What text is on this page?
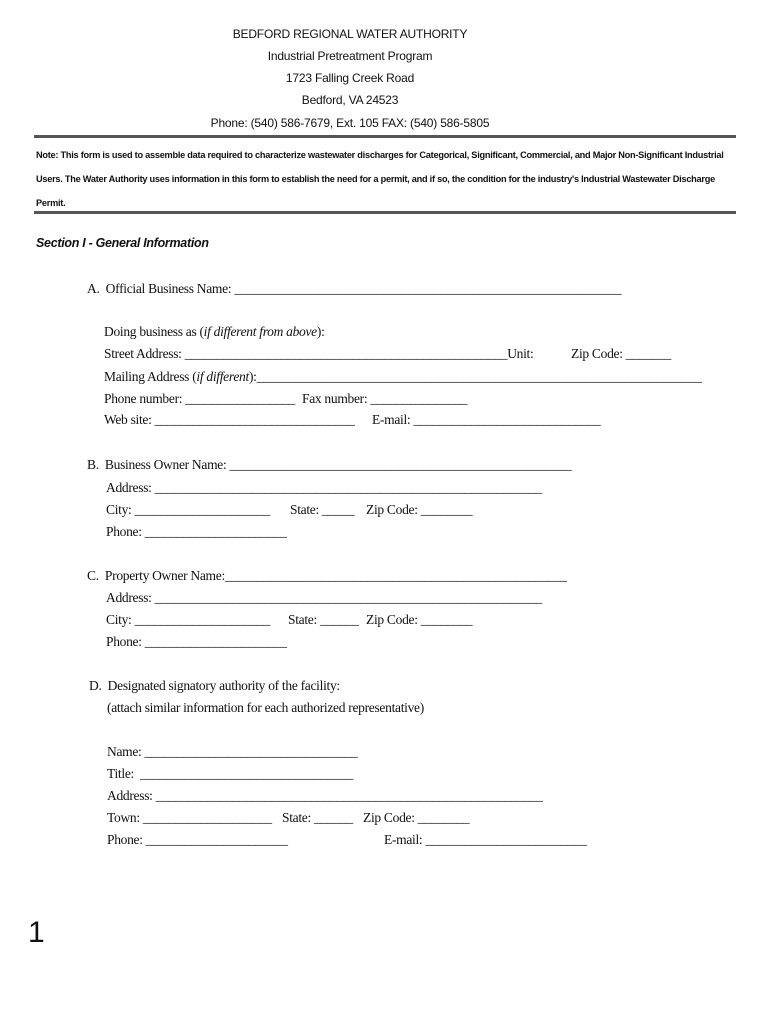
BEDFORD REGIONAL WATER AUTHORITY
Industrial Pretreatment Program
1723 Falling Creek Road
Bedford, VA 24523
Phone: (540) 586-7679, Ext. 105 FAX: (540) 586-5805
Note: This form is used to assemble data required to characterize wastewater discharges for Categorical, Significant, Commercial, and Major Non-Significant Industrial Users. The Water Authority uses information in this form to establish the need for a permit, and if so, the condition for the industry's Industrial Wastewater Discharge Permit.
Section I - General Information
A.  Official Business Name: ____________________________________________________________
Doing business as (if different from above):
Street Address: __________________________________________________Unit:	Zip Code: _______
Mailing Address (if different):_____________________________________________________________________
Phone number: _________________ Fax number: _______________
Web site: _______________________________ E-mail: _____________________________
B.  Business Owner Name: _____________________________________________________
Address: ____________________________________________________________
City: _____________________ State: _____ Zip Code: ________
Phone: ______________________
C.  Property Owner Name:_____________________________________________________
Address: ____________________________________________________________
City: _____________________ State: ______ Zip Code: ________
Phone: ______________________
D.  Designated signatory authority of the facility:
(attach similar information for each authorized representative)
Name: _________________________________
Title:  _________________________________
Address: ____________________________________________________________
Town: ____________________ State: ______ Zip Code: ________
Phone: ______________________	E-mail: _________________________
1
